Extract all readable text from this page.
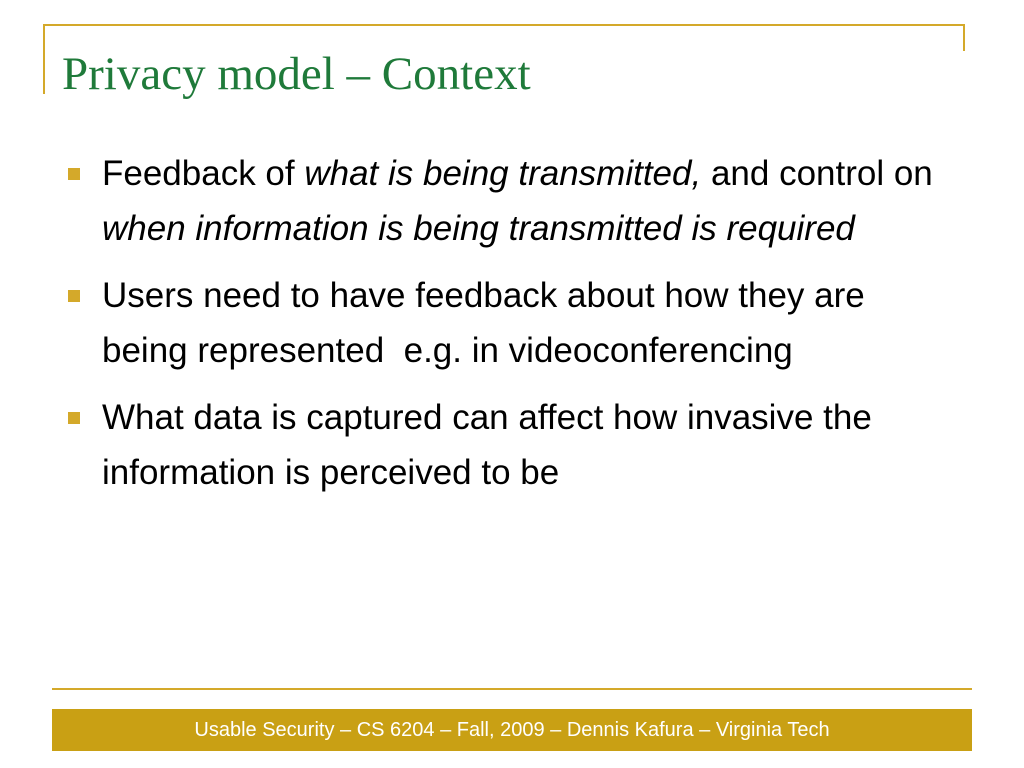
Privacy model – Context
Feedback of what is being transmitted, and control on when information is being transmitted is required
Users need to have feedback about how they are being represented  e.g. in videoconferencing
What data is captured can affect how invasive the information is perceived to be
Usable Security – CS 6204 – Fall, 2009 – Dennis Kafura – Virginia Tech
